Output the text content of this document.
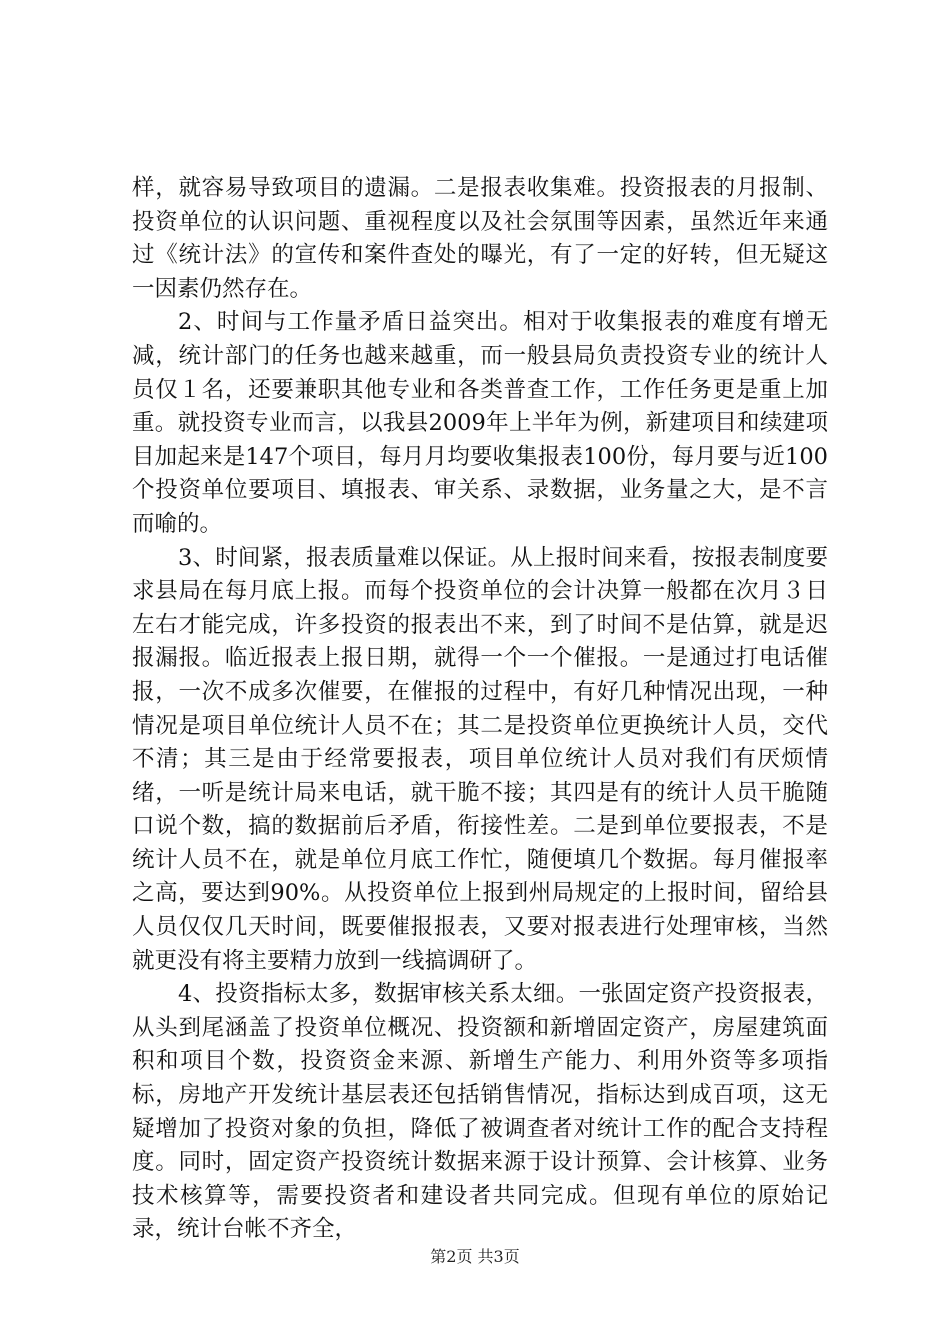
样，就容易导致项目的遗漏。二是报表收集难。投资报表的月报制、投资单位的认识问题、重视程度以及社会氛围等因素，虽然近年来通过《统计法》的宣传和案件查处的曝光，有了一定的好转，但无疑这一因素仍然存在。

2、时间与工作量矛盾日益突出。相对于收集报表的难度有增无减，统计部门的任务也越来越重，而一般县局负责投资专业的统计人员仅１名，还要兼职其他专业和各类普查工作，工作任务更是重上加重。就投资专业而言，以我县2009年上半年为例，新建项目和续建项目加起来是147个项目，每月月均要收集报表100份，每月要与近100个投资单位要项目、填报表、审关系、录数据，业务量之大，是不言而喻的。

3、时间紧，报表质量难以保证。从上报时间来看，按报表制度要求县局在每月底上报。而每个投资单位的会计决算一般都在次月３日左右才能完成，许多投资的报表出不来，到了时间不是估算，就是迟报漏报。临近报表上报日期，就得一个一个催报。一是通过打电话催报，一次不成多次催要，在催报的过程中，有好几种情况出现，一种情况是项目单位统计人员不在；其二是投资单位更换统计人员，交代不清；其三是由于经常要报表，项目单位统计人员对我们有厌烦情绪，一听是统计局来电话，就干脆不接；其四是有的统计人员干脆随口说个数，搞的数据前后矛盾，衔接性差。二是到单位要报表，不是统计人员不在，就是单位月底工作忙，随便填几个数据。每月催报率之高，要达到90%。从投资单位上报到州局规定的上报时间，留给县人员仅仅几天时间，既要催报报表，又要对报表进行处理审核，当然就更没有将主要精力放到一线搞调研了。

4、投资指标太多，数据审核关系太细。一张固定资产投资报表，从头到尾涵盖了投资单位概况、投资额和新增固定资产，房屋建筑面积和项目个数，投资资金来源、新增生产能力、利用外资等多项指标，房地产开发统计基层表还包括销售情况，指标达到成百项，这无疑增加了投资对象的负担，降低了被调查者对统计工作的配合支持程度。同时，固定资产投资统计数据来源于设计预算、会计核算、业务技术核算等，需要投资者和建设者共同完成。但现有单位的原始记录，统计台帐不齐全，

第2页 共3页
